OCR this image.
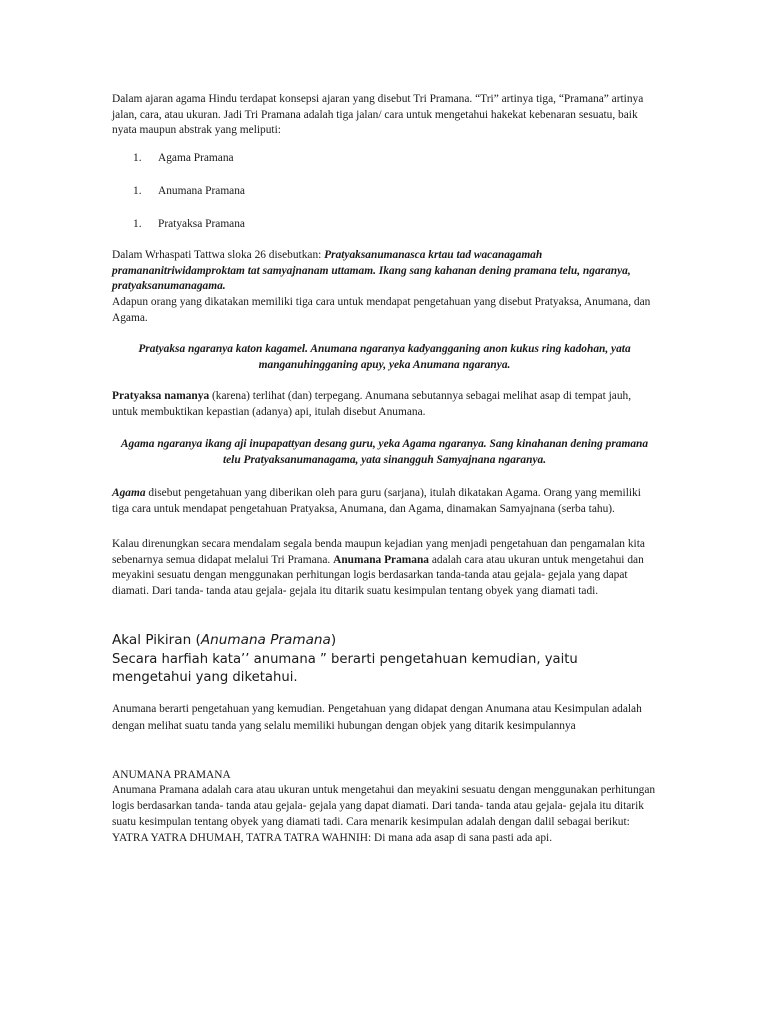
Dalam ajaran agama Hindu terdapat konsepsi ajaran yang disebut Tri Pramana. “Tri” artinya tiga, “Pramana” artinya jalan, cara, atau ukuran. Jadi Tri Pramana adalah tiga jalan/ cara untuk mengetahui hakekat kebenaran sesuatu, baik nyata maupun abstrak yang meliputi:

1. Agama Pramana

1. Anumana Pramana

1. Pratyaksa Pramana

Dalam Wrhaspati Tattwa sloka 26 disebutkan: Pratyaksanumanasca krtau tad wacanagamah pramananitriwidamproktam tat samyajnanam uttamam. Ikang sang kahanan dening pramana telu, ngaranya, pratyaksanumanagama.

Adapun orang yang dikatakan memiliki tiga cara untuk mendapat pengetahuan yang disebut Pratyaksa, Anumana, dan Agama.

Pratyaksa ngaranya katon kagamel. Anumana ngaranya kadyangganing anon kukus ring kadohan, yata manganuhingganing apuy, yeka Anumana ngaranya.

Pratyaksa namanya (karena) terlihat (dan) terpegang. Anumana sebutannya sebagai melihat asap di tempat jauh, untuk membuktikan kepastian (adanya) api, itulah disebut Anumana.

Agama ngaranya ikang aji inupapattyan desang guru, yeka Agama ngaranya. Sang kinahanan dening pramana telu Pratyaksanumanagama, yata sinangguh Samyajnana ngaranya.

Agama disebut pengetahuan yang diberikan oleh para guru (sarjana), itulah dikatakan Agama. Orang yang memiliki tiga cara untuk mendapat pengetahuan Pratyaksa, Anumana, dan Agama, dinamakan Samyajnana (serba tahu).

Kalau direnungkan secara mendalam segala benda maupun kejadian yang menjadi pengetahuan dan pengamalan kita sebenarnya semua didapat melalui Tri Pramana. Anumana Pramana adalah cara atau ukuran untuk mengetahui dan meyakini sesuatu dengan menggunakan perhitungan logis berdasarkan tanda-tanda atau gejala- gejala yang dapat diamati. Dari tanda- tanda atau gejala- gejala itu ditarik suatu kesimpulan tentang obyek yang diamati tadi.

Akal Pikiran (Anumana Pramana)

Secara harfiah kata’’ anumana ” berarti pengetahuan kemudian, yaitu mengetahui yang diketahui.

Anumana berarti pengetahuan yang kemudian. Pengetahuan yang didapat dengan Anumana atau Kesimpulan adalah dengan melihat suatu tanda yang selalu memiliki hubungan dengan objek yang ditarik kesimpulannya

ANUMANA PRAMANA

Anumana Pramana adalah cara atau ukuran untuk mengetahui dan meyakini sesuatu dengan menggunakan perhitungan logis berdasarkan tanda- tanda atau gejala- gejala yang dapat diamati. Dari tanda- tanda atau gejala- gejala itu ditarik suatu kesimpulan tentang obyek yang diamati tadi. Cara menarik kesimpulan adalah dengan dalil sebagai berikut: YATRA YATRA DHUMAH, TATRA TATRA WAHNIH: Di mana ada asap di sana pasti ada api.
